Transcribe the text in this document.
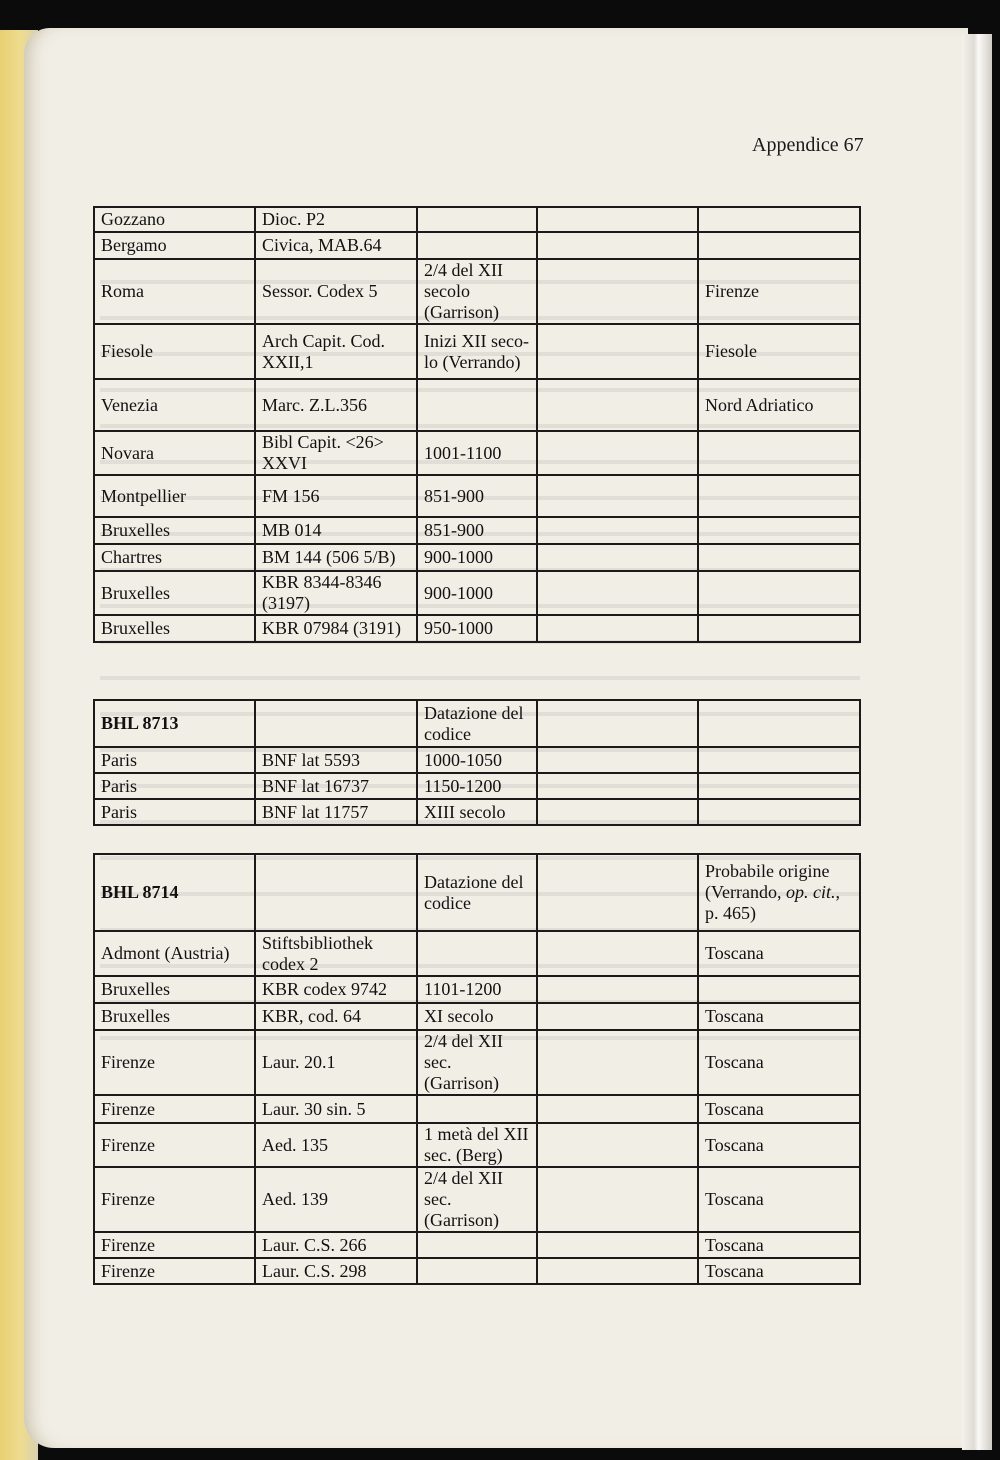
Appendice 67
Gozzano	Dioc. P2			
Bergamo	Civica, MAB.64			
Roma	Sessor. Codex 5	2/4 del XII secolo (Garrison)		Firenze
Fiesole	Arch Capit. Cod. XXII,1	Inizi XII seco-lo (Verrando)		Fiesole
Venezia	Marc. Z.L.356			Nord Adriatico
Novara	Bibl Capit. <26> XXVI	1001-1100		
Montpellier	FM 156	851-900		
Bruxelles	MB 014	851-900		
Chartres	BM 144 (506 5/B)	900-1000		
Bruxelles	KBR 8344-8346 (3197)	900-1000		
Bruxelles	KBR 07984 (3191)	950-1000		
BHL 8713		Datazione del codice		
Paris	BNF lat 5593	1000-1050		
Paris	BNF lat 16737	1150-1200		
Paris	BNF lat 11757	XIII secolo		
BHL 8714		Datazione del codice		Probabile origine (Verrando, op. cit., p. 465)
Admont (Austria)	Stiftsbibliothek codex 2			Toscana
Bruxelles	KBR codex 9742	1101-1200		
Bruxelles	KBR, cod. 64	XI secolo		Toscana
Firenze	Laur. 20.1	2/4 del XII sec. (Garrison)		Toscana
Firenze	Laur. 30 sin. 5			Toscana
Firenze	Aed. 135	1 metà del XII sec. (Berg)		Toscana
Firenze	Aed. 139	2/4 del XII sec. (Garrison)		Toscana
Firenze	Laur. C.S. 266			Toscana
Firenze	Laur. C.S. 298			Toscana
